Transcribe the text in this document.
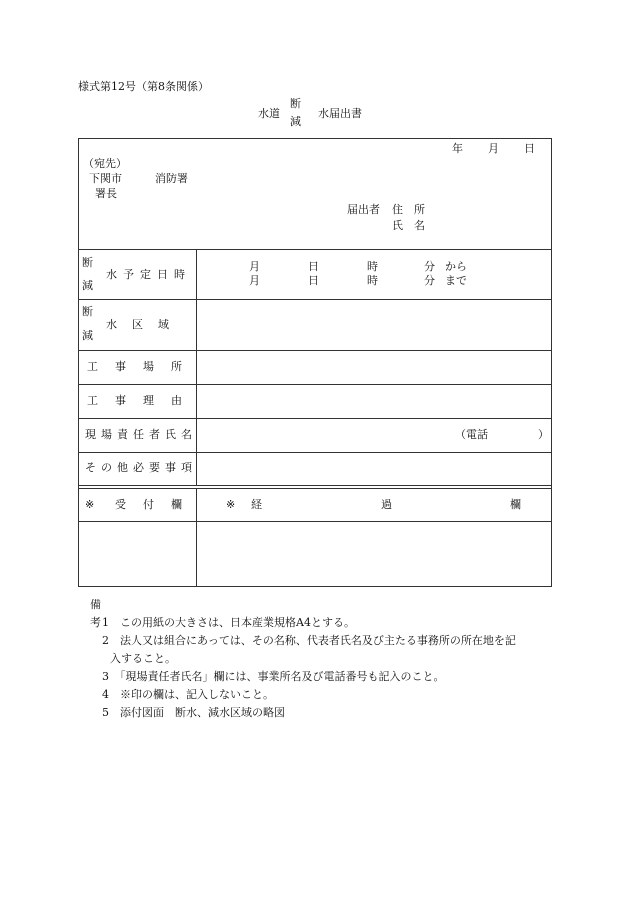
様式第12号（第8条関係）
水道
断
減
水届出書
年 月 日
（宛先）
下関市	消防署
署長
届出者 住　所
氏　名
断
減
水予定日時
月	日	時	分 から
月	日	時	分 まで
断
減
水　区　域
工　事　場　所
工　事　理　由
現場責任者氏名	（電話	）
その他必要事項
※ 受　付　欄	※ 経	過	欄
備考 1　この用紙の大きさは、日本産業規格A4とする。
2　法人又は組合にあっては、その名称、代表者氏名及び主たる事務所の所在地を記
入すること。
3　「現場責任者氏名」欄には、事業所名及び電話番号も記入のこと。
4　※印の欄は、記入しないこと。
5　添付図面　断水、減水区域の略図
